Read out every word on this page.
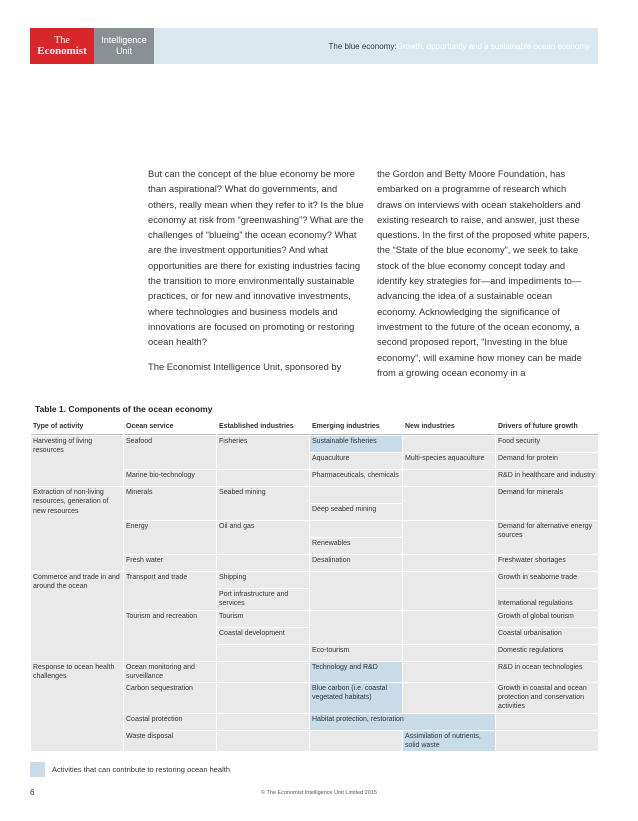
The
Economist
Intelligence
Unit	The blue economy: Growth, opportunity and a sustainable ocean economy

But can the concept of the blue economy be more than aspirational? What do governments, and others, really mean when they refer to it? Is the blue economy at risk from “greenwashing”? What are the challenges of “blueing” the ocean economy? What are the investment opportunities? And what opportunities are there for existing industries facing the transition to more environmentally sustainable practices, or for new and innovative investments, where technologies and business models and innovations are focused on promoting or restoring ocean health?

The Economist Intelligence Unit, sponsored by

the Gordon and Betty Moore Foundation, has embarked on a programme of research which draws on interviews with ocean stakeholders and existing research to raise, and answer, just these questions. In the first of the proposed white papers, the “State of the blue economy”, we seek to take stock of the blue economy concept today and identify key strategies for—and impediments to—advancing the idea of a sustainable ocean economy. Acknowledging the significance of investment to the future of the ocean economy, a second proposed report, “Investing in the blue economy”, will examine how money can be made from a growing ocean economy in a

Table 1. Components of the ocean economy
Type of activity	Ocean service	Established industries	Emerging industries	New industries	Drivers of future growth
Harvesting of living resources	Seafood	Fisheries	Sustainable fisheries		Food security
			Aquaculture	Multi-species aquaculture	Demand for protein
	Marine bio-technology		Pharmaceuticals, chemicals		R&D in healthcare and industry
Extraction of non-living resources, generation of new resources	Minerals	Seabed mining			Demand for minerals
			Deep seabed mining		
	Energy	Oil and gas			Demand for alternative energy sources
			Renewables		
	Fresh water		Desalination		Freshwater shortages
Commerce and trade in and around the ocean	Transport and trade	Shipping			Growth in seaborne trade
		Port infrastructure and services			International regulations
	Tourism and recreation	Tourism			Growth of global tourism
		Coastal development			Coastal urbanisation
			Eco-tourism		Domestic regulations
Response to ocean health challenges	Ocean monitoring and surveillance		Technology and R&D		R&D in ocean technologies
	Carbon sequestration		Blue carbon (i.e. coastal vegetated habitats)		Growth in coastal and ocean protection and conservation activities
	Coastal protection		Habitat protection, restoration		
	Waste disposal			Assimilation of nutrients, solid waste	
Activities that can contribute to restoring ocean health
6	© The Economist Intelligence Unit Limited 2015
